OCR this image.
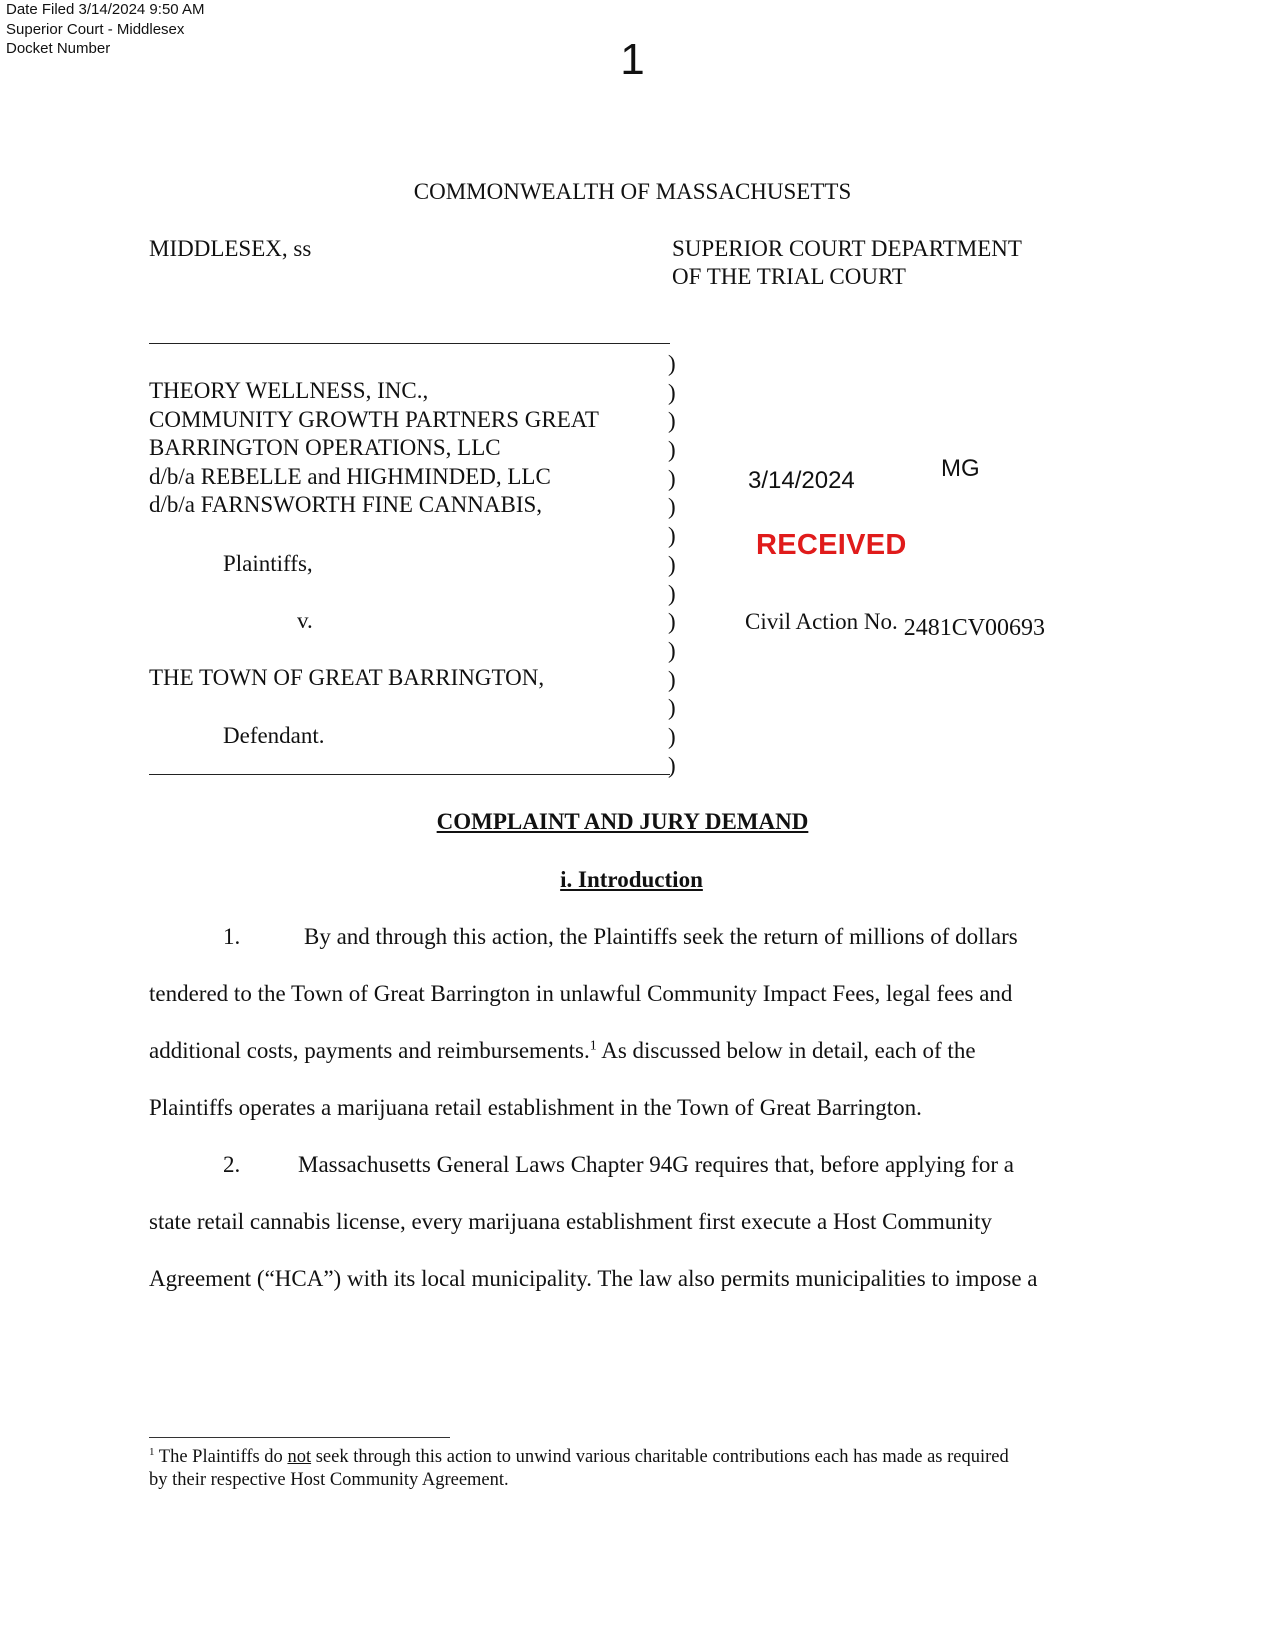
Date Filed 3/14/2024 9:50 AM
Superior Court - Middlesex
Docket Number	1
COMMONWEALTH OF MASSACHUSETTS
MIDDLESEX, ss	SUPERIOR COURT DEPARTMENT
OF THE TRIAL COURT
THEORY WELLNESS, INC.,
COMMUNITY GROWTH PARTNERS GREAT
BARRINGTON OPERATIONS, LLC
d/b/a REBELLE and HIGHMINDED, LLC
d/b/a FARNSWORTH FINE CANNABIS,
Plaintiffs,
v.
THE TOWN OF GREAT BARRINGTON,
Defendant.
)
)
)
)
)
)
)
)
)
)
)
)
)
)
)
3/14/2024	MG
RECEIVED
Civil Action No. 2481CV00693
COMPLAINT AND JURY DEMAND
i. Introduction
1.	By and through this action, the Plaintiffs seek the return of millions of dollars
tendered to the Town of Great Barrington in unlawful Community Impact Fees, legal fees and
additional costs, payments and reimbursements.$^1$ As discussed below in detail, each of the
Plaintiffs operates a marijuana retail establishment in the Town of Great Barrington.
2.	Massachusetts General Laws Chapter 94G requires that, before applying for a
state retail cannabis license, every marijuana establishment first execute a Host Community
Agreement (“HCA”) with its local municipality. The law also permits municipalities to impose a
$^1$ The Plaintiffs do not seek through this action to unwind various charitable contributions each has made as required
by their respective Host Community Agreement.
